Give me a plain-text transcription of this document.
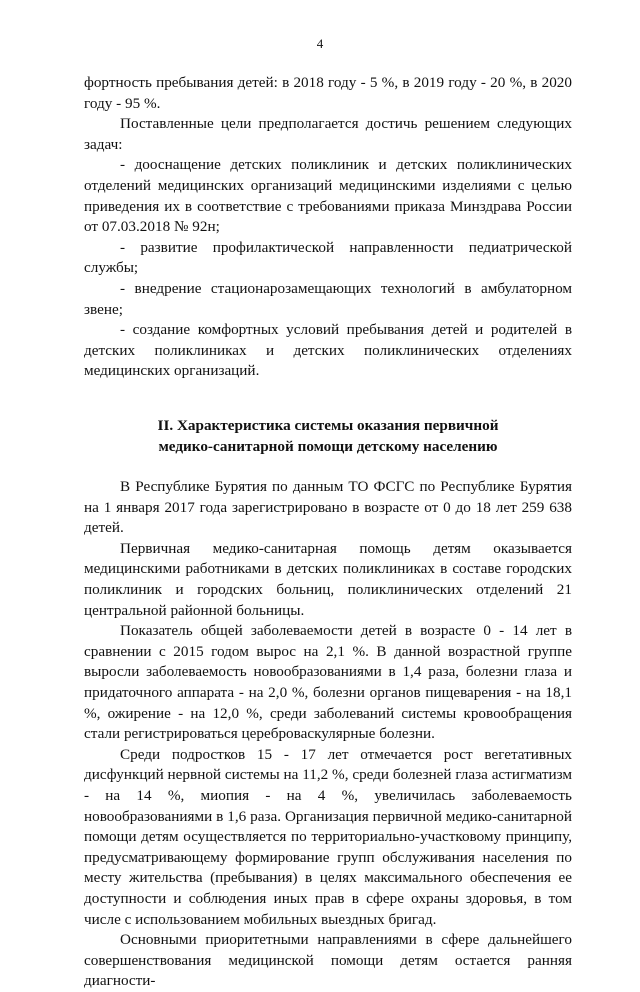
4

фортность пребывания детей: в 2018 году - 5 %, в 2019 году - 20 %, в 2020 году - 95 %.

Поставленные цели предполагается достичь решением следующих задач:

- дооснащение детских поликлиник и детских поликлинических отделений медицинских организаций медицинскими изделиями с целью приведения их в соответствие с требованиями приказа Минздрава России от 07.03.2018 № 92н;

- развитие профилактической направленности педиатрической службы;

- внедрение стационарозамещающих технологий в амбулаторном звене;

- создание комфортных условий пребывания детей и родителей в детских поликлиниках и детских поликлинических отделениях медицинских организаций.

II. Характеристика системы оказания первичной
медико-санитарной помощи детскому населению

В Республике Бурятия по данным ТО ФСГС по Республике Бурятия на 1 января 2017 года зарегистрировано в возрасте от 0 до 18 лет 259 638 детей.

Первичная медико-санитарная помощь детям оказывается медицинскими работниками в детских поликлиниках в составе городских поликлиник и городских больниц, поликлинических отделений 21 центральной районной больницы.

Показатель общей заболеваемости детей в возрасте 0 - 14 лет в сравнении с 2015 годом вырос на 2,1 %. В данной возрастной группе выросли заболеваемость новообразованиями в 1,4 раза, болезни глаза и придаточного аппарата - на 2,0 %, болезни органов пищеварения - на 18,1 %, ожирение - на 12,0 %, среди заболеваний системы кровообращения стали регистрироваться цереброваскулярные болезни.

Среди подростков 15 - 17 лет отмечается рост вегетативных дисфункций нервной системы на 11,2 %, среди болезней глаза астигматизм - на 14 %, миопия - на 4 %, увеличилась заболеваемость новообразованиями в 1,6 раза. Организация первичной медико-санитарной помощи детям осуществляется по территориально-участковому принципу, предусматривающему формирование групп обслуживания населения по месту жительства (пребывания) в целях максимального обеспечения ее доступности и соблюдения иных прав в сфере охраны здоровья, в том числе с использованием мобильных выездных бригад.

Основными приоритетными направлениями в сфере дальнейшего совершенствования медицинской помощи детям остается ранняя диагности-
